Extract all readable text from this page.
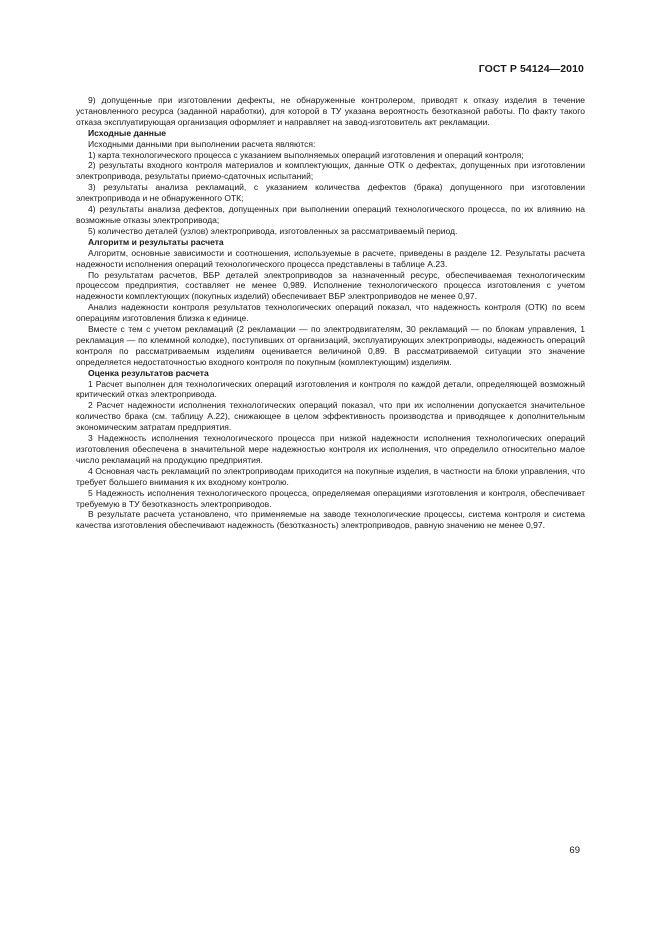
ГОСТ Р 54124—2010

9) допущенные при изготовлении дефекты, не обнаруженные контролером, приводят к отказу изделия в течение установленного ресурса (заданной наработки), для которой в ТУ указана вероятность безотказной работы. По факту такого отказа эксплуатирующая организация оформляет и направляет на завод-изготовитель акт рекламации.

Исходные данные

Исходными данными при выполнении расчета являются:

1) карта технологического процесса с указанием выполняемых операций изготовления и операций контроля;

2) результаты входного контроля материалов и комплектующих, данные ОТК о дефектах, допущенных при изготовлении электропривода, результаты приемо-сдаточных испытаний;

3) результаты анализа рекламаций, с указанием количества дефектов (брака) допущенного при изготовлении электропривода и не обнаруженного ОТК;

4) результаты анализа дефектов, допущенных при выполнении операций технологического процесса, по их влиянию на возможные отказы электропривода;

5) количество деталей (узлов) электропривода, изготовленных за рассматриваемый период.

Алгоритм и результаты расчета

Алгоритм, основные зависимости и соотношения, используемые в расчете, приведены в разделе 12. Результаты расчета надежности исполнения операций технологического процесса представлены в таблице А.23.

По результатам расчетов, ВБР деталей электроприводов за назначенный ресурс, обеспечиваемая технологическим процессом предприятия, составляет не менее 0,989. Исполнение технологического процесса изготовления с учетом надежности комплектующих (покупных изделий) обеспечивает ВБР электроприводов не менее 0,97.

Анализ надежности контроля результатов технологических операций показал, что надежность контроля (ОТК) по всем операциям изготовления близка к единице.

Вместе с тем с учетом рекламаций (2 рекламации — по электродвигателям, 30 рекламаций — по блокам управления, 1 рекламация — по клеммной колодке), поступивших от организаций, эксплуатирующих электроприводы, надежность операций контроля по рассматриваемым изделиям оценивается величиной 0,89. В рассматриваемой ситуации это значение определяется недостаточностью входного контроля по покупным (комплектующим) изделиям.

Оценка результатов расчета

1 Расчет выполнен для технологических операций изготовления и контроля по каждой детали, определяющей возможный критический отказ электропривода.

2 Расчет надежности исполнения технологических операций показал, что при их исполнении допускается значительное количество брака (см. таблицу А.22), снижающее в целом эффективность производства и приводящее к дополнительным экономическим затратам предприятия.

3 Надежность исполнения технологического процесса при низкой надежности исполнения технологических операций изготовления обеспечена в значительной мере надежностью контроля их исполнения, что определило относительно малое число рекламаций на продукцию предприятия.

4 Основная часть рекламаций по электроприводам приходится на покупные изделия, в частности на блоки управления, что требует большего внимания к их входному контролю.

5 Надежность исполнения технологического процесса, определяемая операциями изготовления и контроля, обеспечивает требуемую в ТУ безотказность электроприводов.

В результате расчета установлено, что применяемые на заводе технологические процессы, система контроля и система качества изготовления обеспечивают надежность (безотказность) электроприводов, равную значению не менее 0,97.

69
